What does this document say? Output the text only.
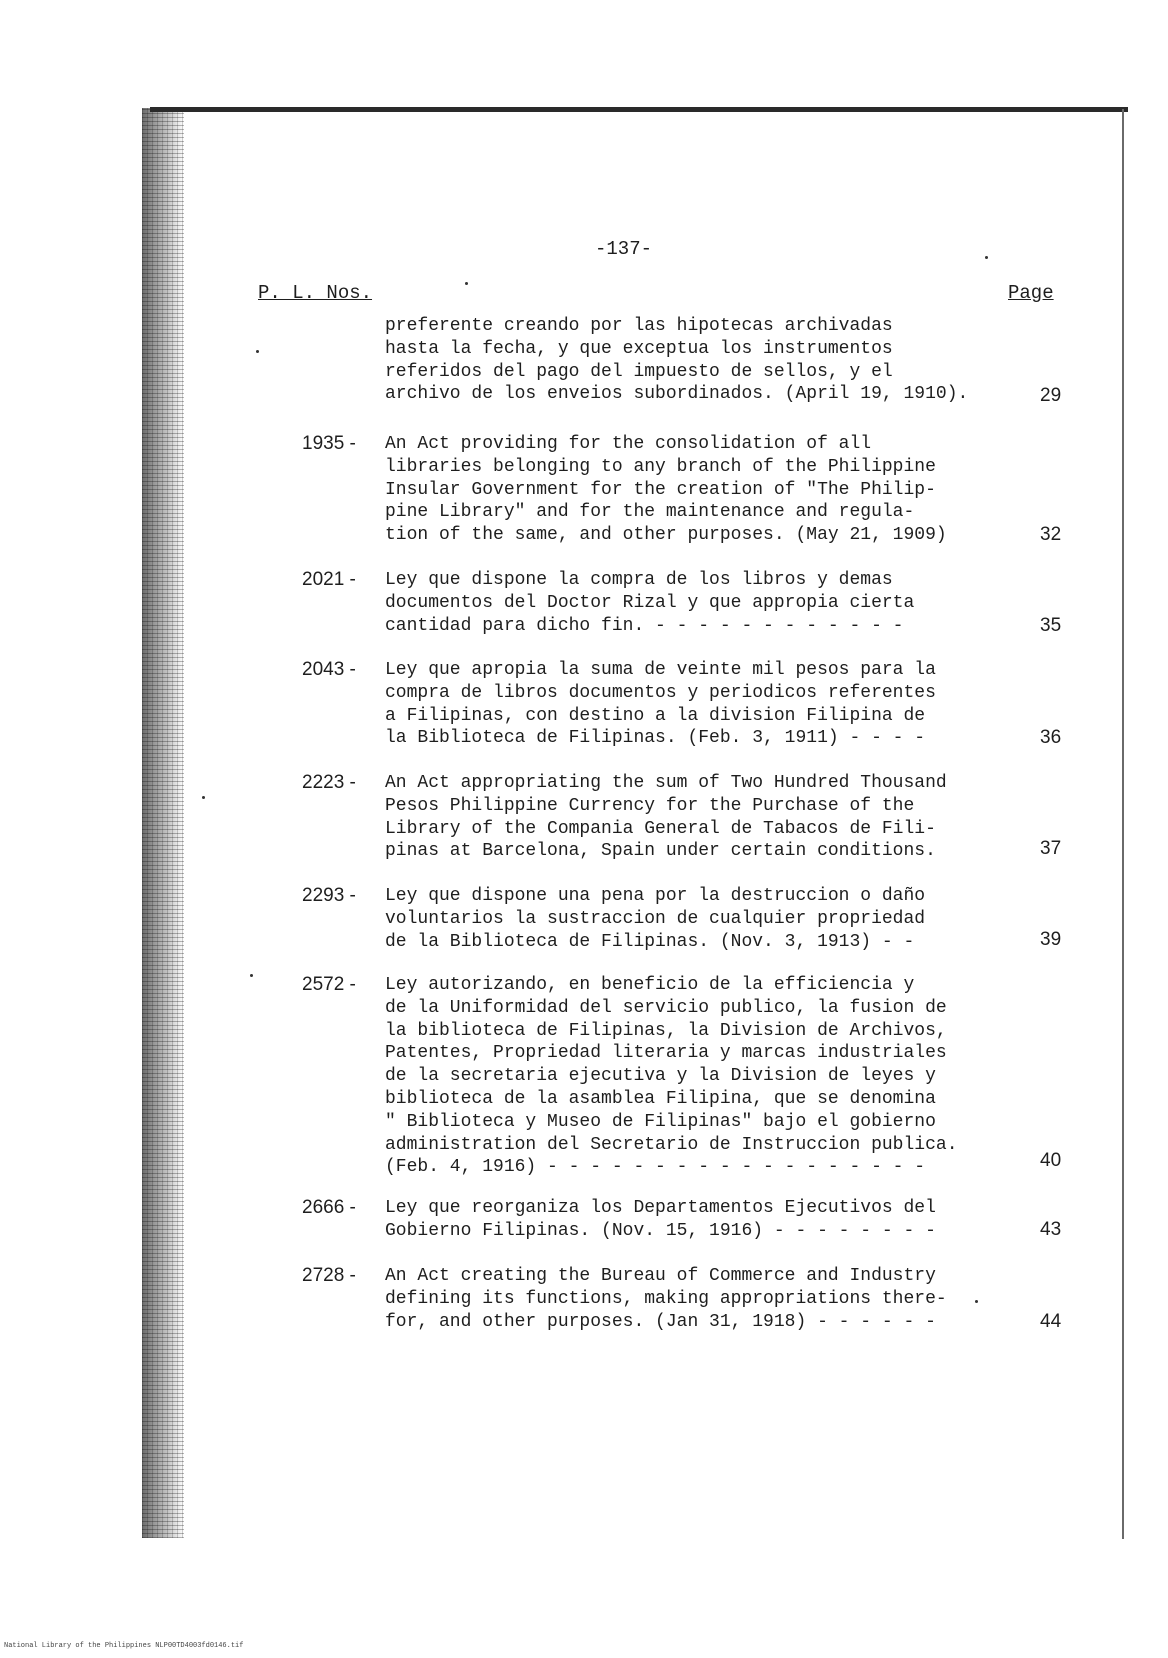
-137-
P. L. Nos.	Page
preferente creando por las hipotecas archivadas
hasta la fecha, y que exceptua los instrumentos
referidos del pago del impuesto de sellos, y el
archivo de los enveios subordinados. (April 19, 1910).	29
1935 - An Act providing for the consolidation of all
libraries belonging to any branch of the Philippine
Insular Government for the creation of "The Philip-
pine Library" and for the maintenance and regula-
tion of the same, and other purposes. (May 21, 1909)	32
2021 - Ley que dispone la compra de los libros y demas
documentos del Doctor Rizal y que appropia cierta
cantidad para dicho fin. - - - - - - - - - - - -	35
2043 - Ley que apropia la suma de veinte mil pesos para la
compra de libros documentos y periodicos referentes
a Filipinas, con destino a la division Filipina de
la Biblioteca de Filipinas. (Feb. 3, 1911) - - - -	36
2223 - An Act appropriating the sum of Two Hundred Thousand
Pesos Philippine Currency for the Purchase of the
Library of the Compania General de Tabacos de Fili-
pinas at Barcelona, Spain under certain conditions.	37
2293 - Ley que dispone una pena por la destruccion o daño
voluntarios la sustraccion de cualquier propriedad
de la Biblioteca de Filipinas. (Nov. 3, 1913) - -	39
2572 - Ley autorizando, en beneficio de la efficiencia y
de la Uniformidad del servicio publico, la fusion de
la biblioteca de Filipinas, la Division de Archivos,
Patentes, Propriedad literaria y marcas industriales
de la secretaria ejecutiva y la Division de leyes y
biblioteca de la asamblea Filipina, que se denomina
" Biblioteca y Museo de Filipinas" bajo el gobierno
administration del Secretario de Instruccion publica.
(Feb. 4, 1916) - - - - - - - - - - - - - - - - - -	40
2666 - Ley que reorganiza los Departamentos Ejecutivos del
Gobierno Filipinas. (Nov. 15, 1916) - - - - - - - -	43
2728 - An Act creating the Bureau of Commerce and Industry
defining its functions, making appropriations there-
for, and other purposes. (Jan 31, 1918) - - - - - -	44
National Library of the Philippines NLP00TD4003fd0146.tif
